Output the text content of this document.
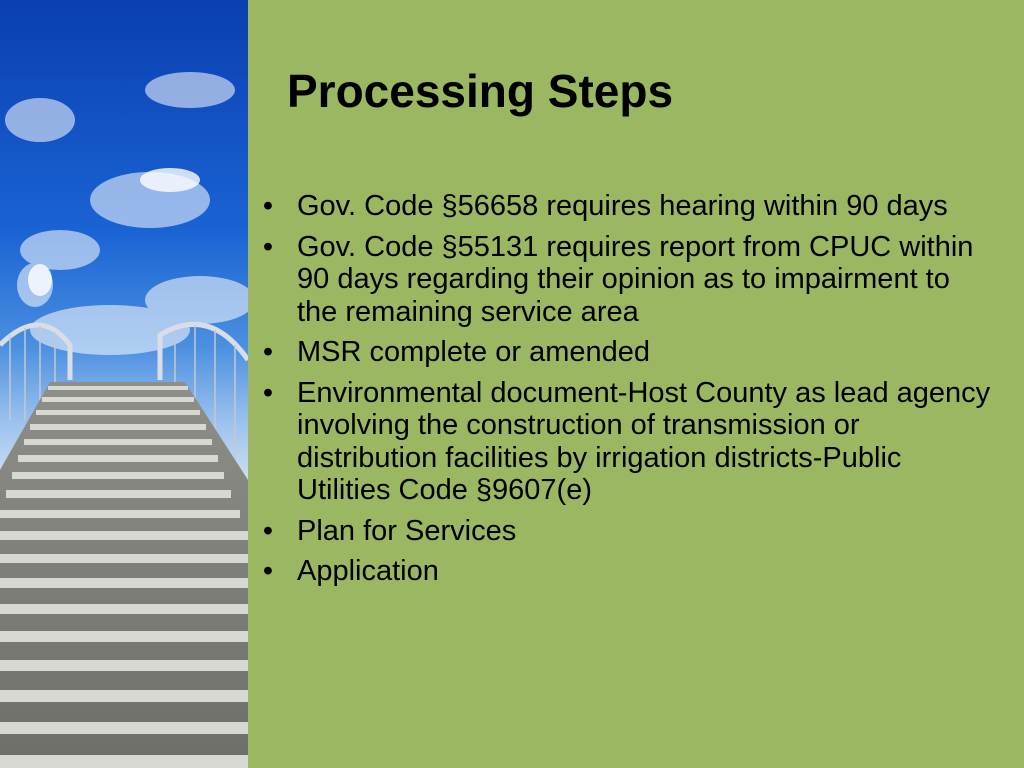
Processing Steps
• Gov. Code §56658 requires hearing within 90 days
• Gov. Code §55131 requires report from CPUC within 90 days regarding their opinion as to impairment to the remaining service area
• MSR complete or amended
• Environmental document-Host County as lead agency involving the construction of transmission or distribution facilities by irrigation districts-Public Utilities Code §9607(e)
• Plan for Services
• Application
